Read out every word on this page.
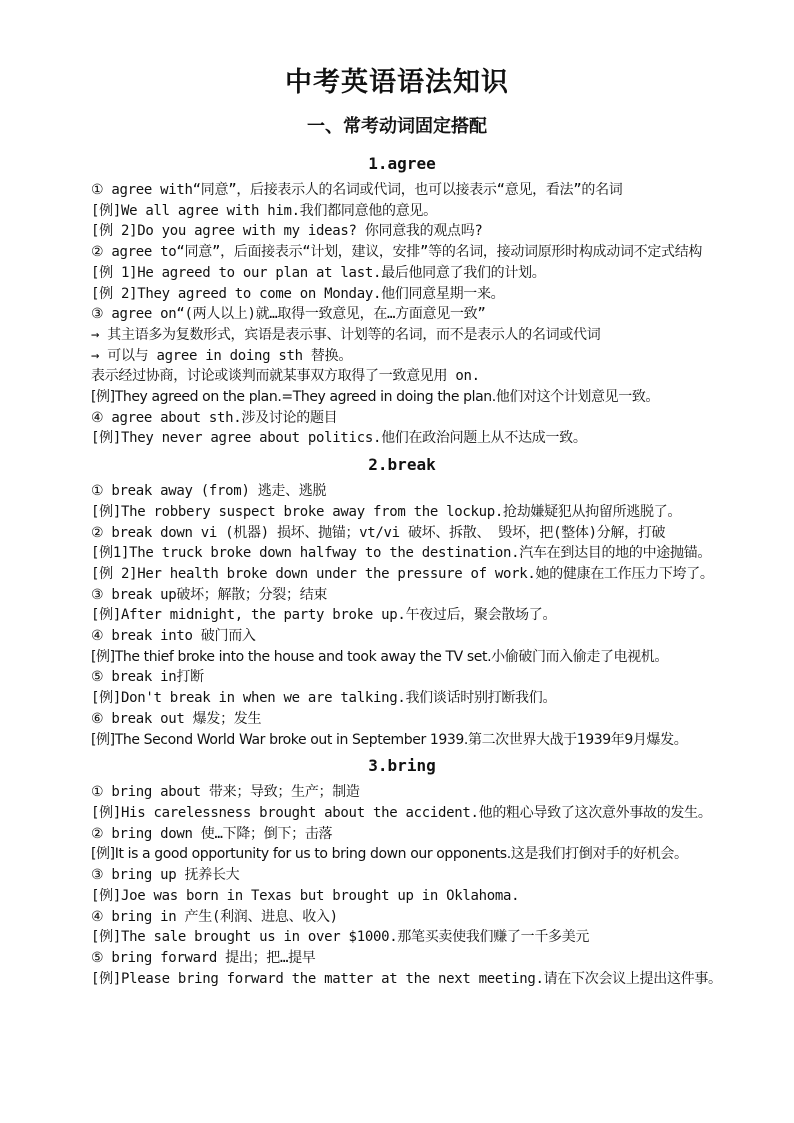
中考英语语法知识
一、常考动词固定搭配
1.agree
① agree with“同意”，后接表示人的名词或代词，也可以接表示“意见，看法”的名词
[例]We all agree with him.我们都同意他的意见。
[例 2]Do you agree with my ideas? 你同意我的观点吗?
② agree to“同意”，后面接表示“计划，建议，安排”等的名词，接动词原形时构成动词不定式结构
[例 1]He agreed to our plan at last.最后他同意了我们的计划。
[例 2]They agreed to come on Monday.他们同意星期一来。
③ agree on“(两人以上)就…取得一致意见，在…方面意见一致”
→ 其主语多为复数形式，宾语是表示事、计划等的名词，而不是表示人的名词或代词
→ 可以与 agree in doing sth 替换。
表示经过协商，讨论或谈判而就某事双方取得了一致意见用 on.
[例]They agreed on the plan.=They agreed in doing the plan.他们对这个计划意见一致。
④ agree about sth.涉及讨论的题目
[例]They never agree about politics.他们在政治问题上从不达成一致。
2.break
① break away (from) 逃走、逃脱
[例]The robbery suspect broke away from the lockup.抢劫嫌疑犯从拘留所逃脱了。
② break down vi (机器) 损坏、抛锚；vt/vi 破坏、拆散、 毁坏，把(整体)分解，打破
[例1]The truck broke down halfway to the destination.汽车在到达目的地的中途抛锚。
[例 2]Her health broke down under the pressure of work.她的健康在工作压力下垮了。
③ break up破坏；解散；分裂；结束
[例]After midnight, the party broke up.午夜过后，聚会散场了。
④ break into 破门而入
[例]The thief broke into the house and took away the TV set.小偷破门而入偷走了电视机。
⑤ break in打断
[例]Don't break in when we are talking.我们谈话时别打断我们。
⑥ break out 爆发；发生
[例]The Second World War broke out in September 1939.第二次世界大战于1939年9月爆发。
3.bring
① bring about 带来；导致；生产；制造
[例]His carelessness brought about the accident.他的粗心导致了这次意外事故的发生。
② bring down 使…下降；倒下；击落
[例]It is a good opportunity for us to bring down our opponents.这是我们打倒对手的好机会。
③ bring up 抚养长大
[例]Joe was born in Texas but brought up in Oklahoma.
④ bring in 产生(利润、进息、收入)
[例]The sale brought us in over $1000.那笔买卖使我们赚了一千多美元
⑤ bring forward 提出；把…提早
[例]Please bring forward the matter at the next meeting.请在下次会议上提出这件事。
